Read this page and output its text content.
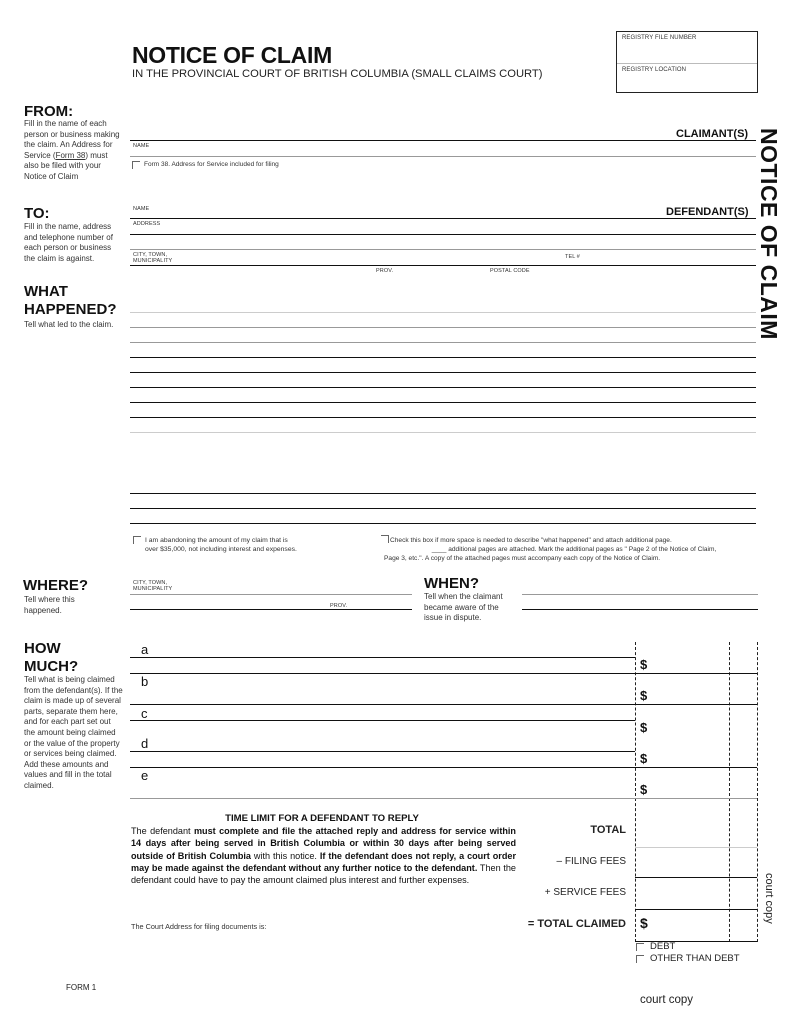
NOTICE OF CLAIM
IN THE PROVINCIAL COURT OF BRITISH COLUMBIA (SMALL CLAIMS COURT)
REGISTRY FILE NUMBER
REGISTRY LOCATION
NOTICE OF CLAIM
FROM:
Fill in the name of each person or business making the claim. An Address for Service (Form 38) must also be filed with your Notice of Claim
CLAIMANT(S)
NAME
Form 38. Address for Service included for filing
TO:
Fill in the name, address and telephone number of each person or business the claim is against.
NAME	DEFENDANT(S)
ADDRESS
CITY, TOWN,
MUNICIPALITY
TEL #
PROV.	POSTAL CODE
WHAT
HAPPENED?
Tell what led to the claim.
I am abandoning the amount of my claim that is
over $35,000, not including interest and expenses.
Check this box if more space is needed to describe "what happened" and attach additional page.
____ additional pages are attached. Mark the additional pages as " Page 2 of the Notice of Claim,
Page 3, etc.". A copy of the attached pages must accompany each copy of the Notice of Claim.
WHERE?
Tell where this happened.
CITY, TOWN,
MUNICIPALITY
PROV.
WHEN?
Tell when the claimant became aware of the issue in dispute.
HOW
MUCH?
Tell what is being claimed from the defendant(s). If the claim is made up of several parts, separate them here, and for each part set out the amount being claimed or the value of the property or services being claimed. Add these amounts and values and fill in the total claimed.
a
$
b
$
c
$
d
$
e
$
TOTAL
– FILING FEES
+ SERVICE FEES
= TOTAL CLAIMED $
DEBT
OTHER THAN DEBT
court copy
TIME LIMIT FOR A DEFENDANT TO REPLY
The defendant must complete and file the attached reply and address for service within 14 days after being served in British Columbia or within 30 days after being served outside of British Columbia with this notice. If the defendant does not reply, a court order may be made against the defendant without any further notice to the defendant. Then the defendant could have to pay the amount claimed plus interest and further expenses.
The Court Address for filing documents is:
FORM 1
court copy
